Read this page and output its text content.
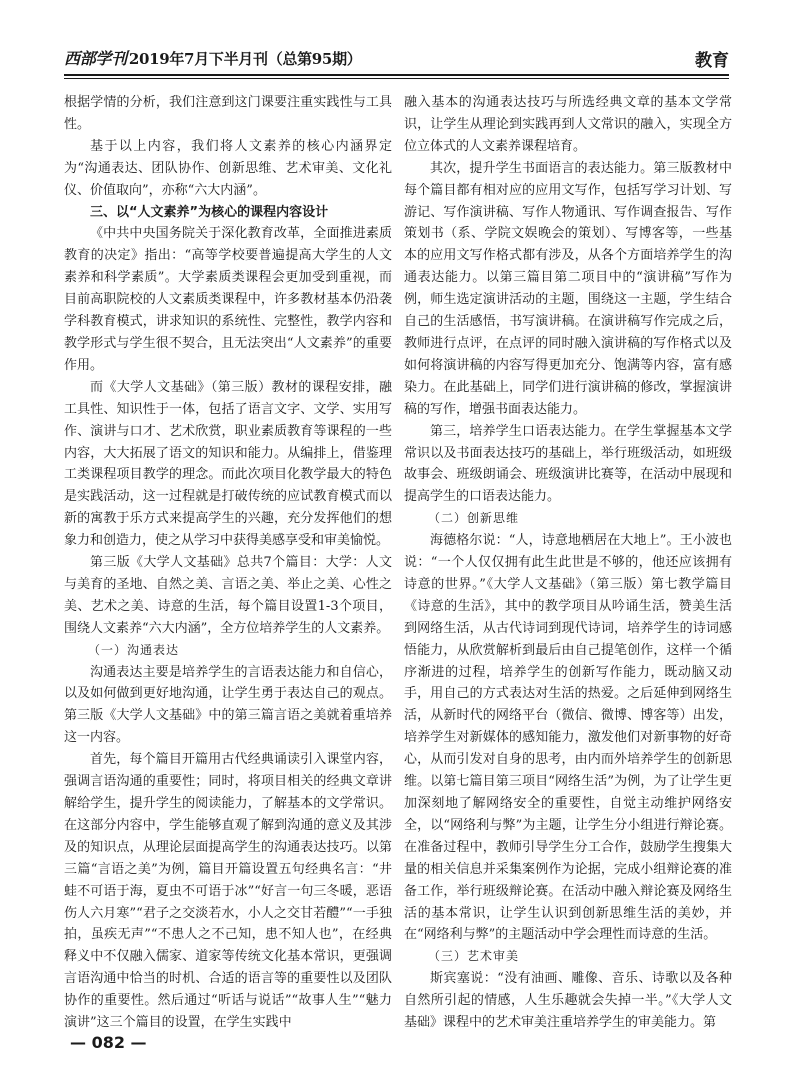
西部学刊 2019年7月下半月刊（总第95期）	教育

根据学情的分析，我们注意到这门课要注重实践性与工具性。

基于以上内容，我们将人文素养的核心内涵界定为“沟通表达、团队协作、创新思维、艺术审美、文化礼仪、价值取向”，亦称“六大内涵”。

三、以“人文素养”为核心的课程内容设计

《中共中央国务院关于深化教育改革，全面推进素质教育的决定》指出：“高等学校要普遍提高大学生的人文素养和科学素质”。大学素质类课程会更加受到重视，而目前高职院校的人文素质类课程中，许多教材基本仍沿袭学科教育模式，讲求知识的系统性、完整性，教学内容和教学形式与学生很不契合，且无法突出“人文素养”的重要作用。

而《大学人文基础》（第三版）教材的课程安排，融工具性、知识性于一体，包括了语言文字、文学、实用写作、演讲与口才、艺术欣赏，职业素质教育等课程的一些内容，大大拓展了语文的知识和能力。从编排上，借鉴理工类课程项目教学的理念。而此次项目化教学最大的特色是实践活动，这一过程就是打破传统的应试教育模式而以新的寓教于乐方式来提高学生的兴趣，充分发挥他们的想象力和创造力，使之从学习中获得美感享受和审美愉悦。

第三版《大学人文基础》总共7个篇目：大学：人文与美育的圣地、自然之美、言语之美、举止之美、心性之美、艺术之美、诗意的生活，每个篇目设置1-3个项目，围绕人文素养“六大内涵”，全方位培养学生的人文素养。

（一）沟通表达

沟通表达主要是培养学生的言语表达能力和自信心，以及如何做到更好地沟通，让学生勇于表达自己的观点。第三版《大学人文基础》中的第三篇言语之美就着重培养这一内容。

首先，每个篇目开篇用古代经典诵读引入课堂内容，强调言语沟通的重要性；同时，将项目相关的经典文章讲解给学生，提升学生的阅读能力，了解基本的文学常识。在这部分内容中，学生能够直观了解到沟通的意义及其涉及的知识点，从理论层面提高学生的沟通表达技巧。以第三篇“言语之美”为例，篇目开篇设置五句经典名言：“井蛙不可语于海，夏虫不可语于冰”“好言一句三冬暖，恶语伤人六月寒”“君子之交淡若水，小人之交甘若醴”“一手独拍，虽疾无声”“不患人之不己知，患不知人也”，在经典释义中不仅融入儒家、道家等传统文化基本常识，更强调言语沟通中恰当的时机、合适的语言等的重要性以及团队协作的重要性。然后通过“听话与说话”“故事人生”“魅力演讲”这三个篇目的设置，在学生实践中

融入基本的沟通表达技巧与所选经典文章的基本文学常识，让学生从理论到实践再到人文常识的融入，实现全方位立体式的人文素养课程培育。

其次，提升学生书面语言的表达能力。第三版教材中每个篇目都有相对应的应用文写作，包括写学习计划、写游记、写作演讲稿、写作人物通讯、写作调查报告、写作策划书（系、学院文娱晚会的策划）、写博客等，一些基本的应用文写作格式都有涉及，从各个方面培养学生的沟通表达能力。以第三篇目第二项目中的“演讲稿”写作为例，师生选定演讲活动的主题，围绕这一主题，学生结合自己的生活感悟，书写演讲稿。在演讲稿写作完成之后，教师进行点评，在点评的同时融入演讲稿的写作格式以及如何将演讲稿的内容写得更加充分、饱满等内容，富有感染力。在此基础上，同学们进行演讲稿的修改，掌握演讲稿的写作，增强书面表达能力。

第三，培养学生口语表达能力。在学生掌握基本文学常识以及书面表达技巧的基础上，举行班级活动，如班级故事会、班级朗诵会、班级演讲比赛等，在活动中展现和提高学生的口语表达能力。

（二）创新思维

海德格尔说：“人，诗意地栖居在大地上”。王小波也说：“一个人仅仅拥有此生此世是不够的，他还应该拥有诗意的世界。”《大学人文基础》（第三版）第七教学篇目《诗意的生活》，其中的教学项目从吟诵生活，赞美生活到网络生活，从古代诗词到现代诗词，培养学生的诗词感悟能力，从欣赏解析到最后由自己提笔创作，这样一个循序渐进的过程，培养学生的创新写作能力，既动脑又动手，用自己的方式表达对生活的热爱。之后延伸到网络生活，从新时代的网络平台（微信、微博、博客等）出发，培养学生对新媒体的感知能力，激发他们对新事物的好奇心，从而引发对自身的思考，由内而外培养学生的创新思维。以第七篇目第三项目“网络生活”为例，为了让学生更加深刻地了解网络安全的重要性，自觉主动维护网络安全，以“网络利与弊”为主题，让学生分小组进行辩论赛。在准备过程中，教师引导学生分工合作，鼓励学生搜集大量的相关信息并采集案例作为论据，完成小组辩论赛的准备工作，举行班级辩论赛。在活动中融入辩论赛及网络生活的基本常识，让学生认识到创新思维生活的美妙，并在“网络利与弊”的主题活动中学会理性而诗意的生活。

（三）艺术审美

斯宾塞说：“没有油画、雕像、音乐、诗歌以及各种自然所引起的情感，人生乐趣就会失掉一半。”《大学人文基础》课程中的艺术审美注重培养学生的审美能力。第

— 082 —
